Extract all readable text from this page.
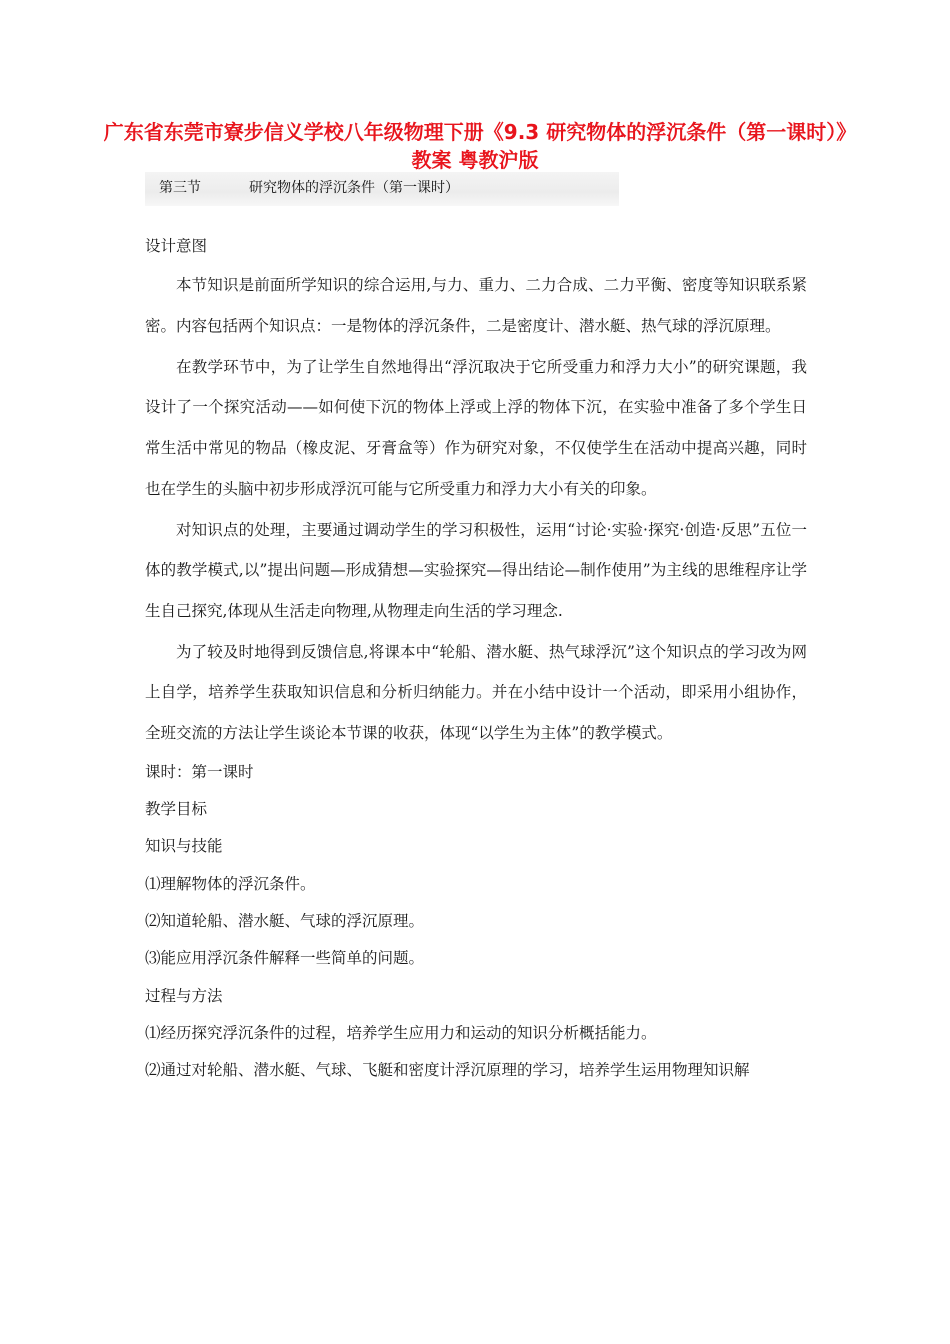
广东省东莞市寮步信义学校八年级物理下册《9.3 研究物体的浮沉条件（第一课时）》教案 粤教沪版
第三节	研究物体的浮沉条件（第一课时）

设计意图

本节知识是前面所学知识的综合运用,与力、重力、二力合成、二力平衡、密度等知识联系紧密。内容包括两个知识点：一是物体的浮沉条件，二是密度计、潜水艇、热气球的浮沉原理。

在教学环节中，为了让学生自然地得出“浮沉取决于它所受重力和浮力大小”的研究课题，我设计了一个探究活动——如何使下沉的物体上浮或上浮的物体下沉，在实验中准备了多个学生日常生活中常见的物品（橡皮泥、牙膏盒等）作为研究对象，不仅使学生在活动中提高兴趣，同时也在学生的头脑中初步形成浮沉可能与它所受重力和浮力大小有关的印象。

对知识点的处理，主要通过调动学生的学习积极性，运用“讨论·实验·探究·创造·反思”五位一体的教学模式,以”提出问题—形成猜想—实验探究—得出结论—制作使用”为主线的思维程序让学生自己探究,体现从生活走向物理,从物理走向生活的学习理念.

为了较及时地得到反馈信息,将课本中“轮船、潜水艇、热气球浮沉”这个知识点的学习改为网上自学，培养学生获取知识信息和分析归纳能力。并在小结中设计一个活动，即采用小组协作，全班交流的方法让学生谈论本节课的收获，体现“以学生为主体”的教学模式。

课时：第一课时

教学目标

知识与技能

⑴理解物体的浮沉条件。

⑵知道轮船、潜水艇、气球的浮沉原理。

⑶能应用浮沉条件解释一些简单的问题。

过程与方法

⑴经历探究浮沉条件的过程，培养学生应用力和运动的知识分析概括能力。

⑵通过对轮船、潜水艇、气球、飞艇和密度计浮沉原理的学习，培养学生运用物理知识解
